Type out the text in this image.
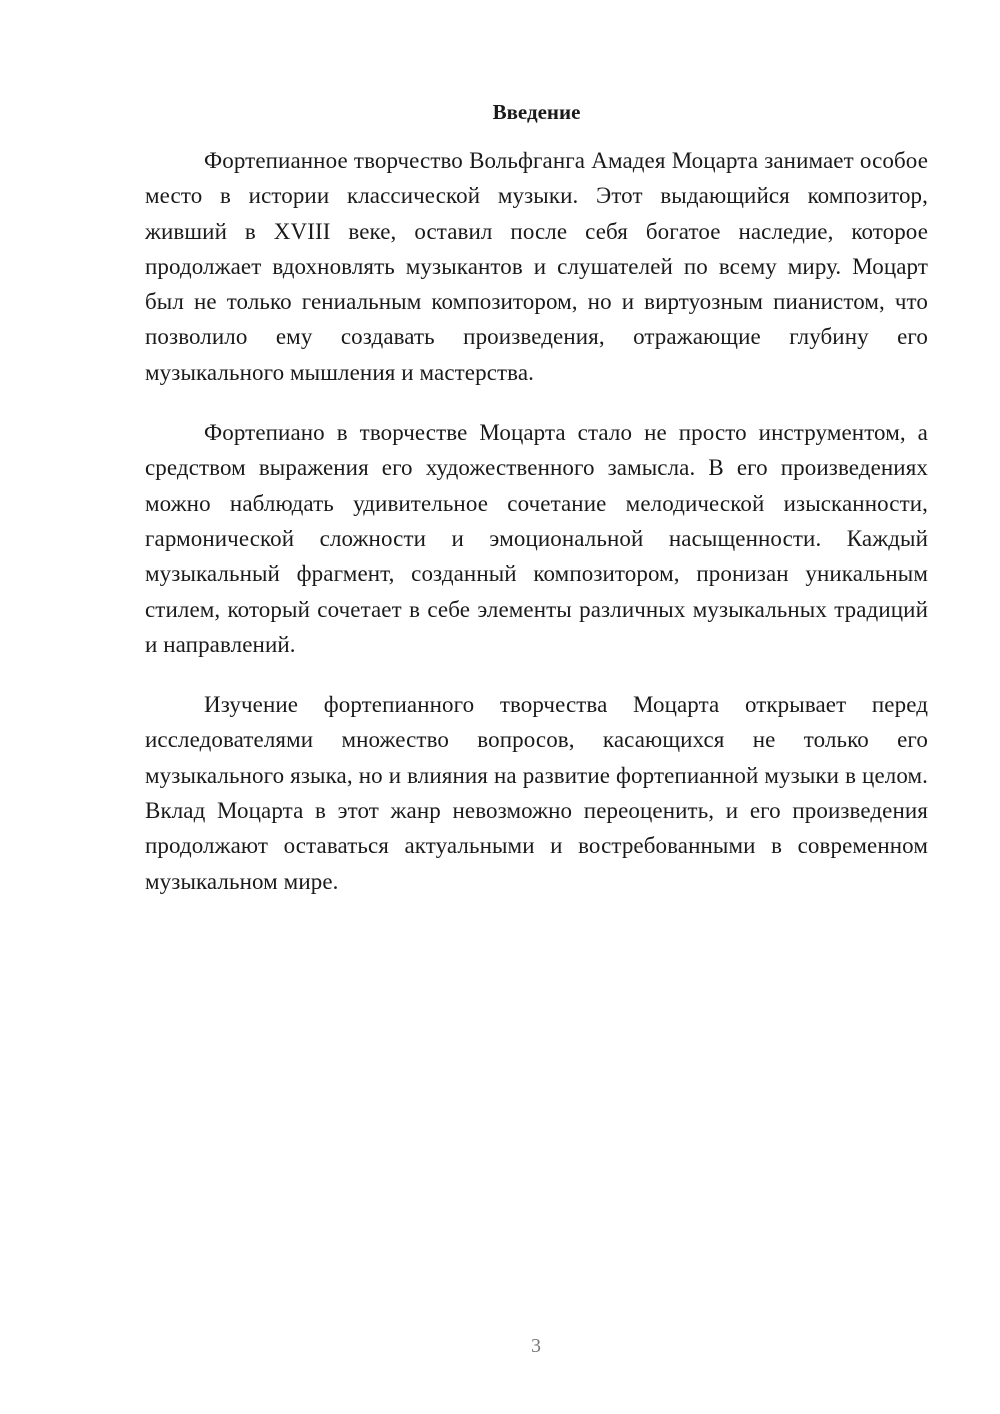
Введение

Фортепианное творчество Вольфганга Амадея Моцарта занимает особое место в истории классической музыки. Этот выдающийся композитор, живший в XVIII веке, оставил после себя богатое наследие, которое продолжает вдохновлять музыкантов и слушателей по всему миру. Моцарт был не только гениальным композитором, но и виртуозным пианистом, что позволило ему создавать произведения, отражающие глубину его музыкального мышления и мастерства.

Фортепиано в творчестве Моцарта стало не просто инструментом, а средством выражения его художественного замысла. В его произведениях можно наблюдать удивительное сочетание мелодической изысканности, гармонической сложности и эмоциональной насыщенности. Каждый музыкальный фрагмент, созданный композитором, пронизан уникальным стилем, который сочетает в себе элементы различных музыкальных традиций и направлений.

Изучение фортепианного творчества Моцарта открывает перед исследователями множество вопросов, касающихся не только его музыкального языка, но и влияния на развитие фортепианной музыки в целом. Вклад Моцарта в этот жанр невозможно переоценить, и его произведения продолжают оставаться актуальными и востребованными в современном музыкальном мире.

3
